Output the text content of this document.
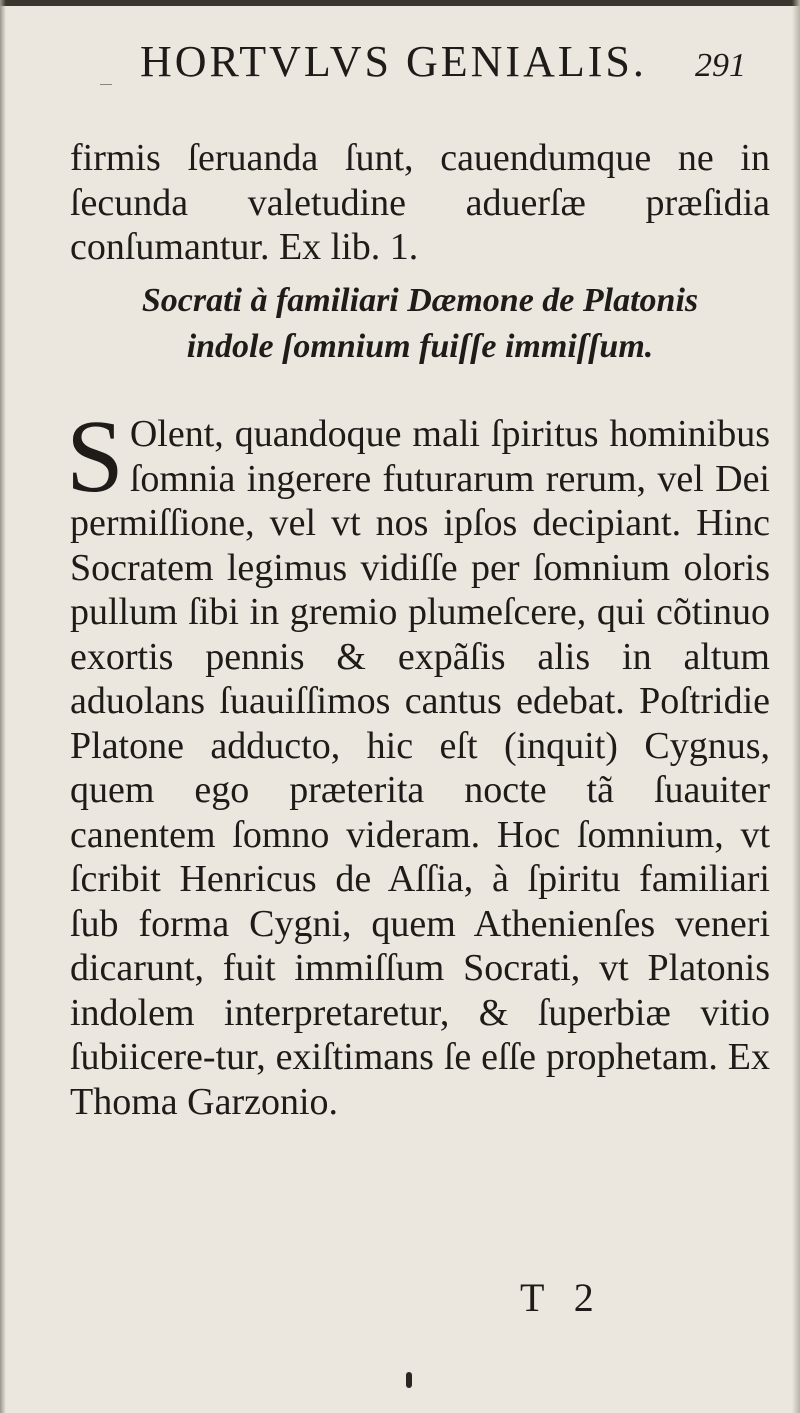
HORTVLVS GENIALIS. 291

firmis ſeruanda ſunt, cauendumque ne in ſecunda valetudine aduerſæ præſidia conſumantur. Ex lib. 1.

Socrati à familiari Dæmone de Platonis indole ſomnium fuiſſe immiſſum.
S Olent, quandoque mali ſpiritus hominibus ſomnia ingerere futurarum rerum, vel Dei permiſſione, vel vt nos ipſos decipiant. Hinc Socratem legimus vidiſſe per ſomnium oloris pullum ſibi in gremio plumeſcere, qui cõtinuo exortis pennis & expãſis alis in altum aduolans ſuauiſſimos cantus edebat. Poſtridie Platone adducto, hic eſt (inquit) Cygnus, quem ego præterita nocte tã ſuauiter canentem ſomno videram. Hoc ſomnium, vt ſcribit Henricus de Aſſia, à ſpiritu familiari ſub forma Cygni, quem Athenienſes veneri dicarunt, fuit immiſſum Socrati, vt Platonis indolem interpretaretur, & ſuperbiæ vitio ſubiicere‑tur, exiſtimans ſe eſſe prophetam. Ex Thoma Garzonio.
T 2
